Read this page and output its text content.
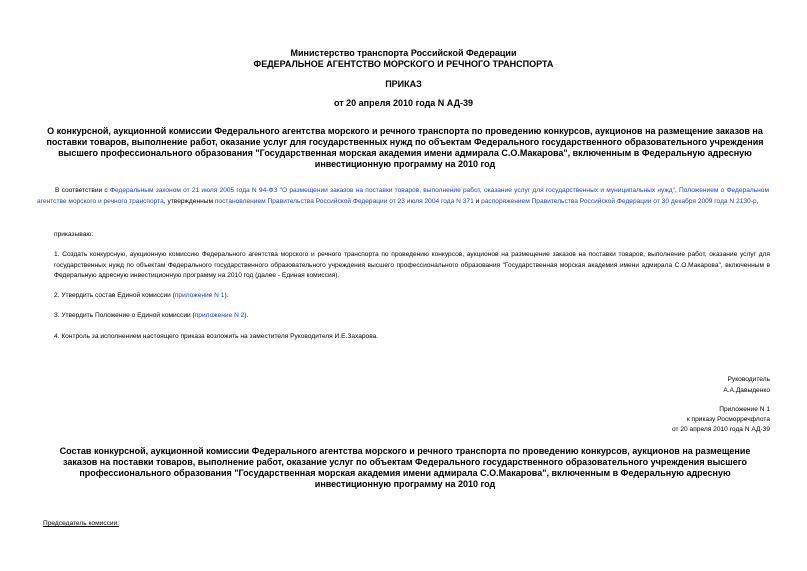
Министерство транспорта Российской Федерации
ФЕДЕРАЛЬНОЕ АГЕНТСТВО МОРСКОГО И РЕЧНОГО ТРАНСПОРТА
ПРИКАЗ
от 20 апреля 2010 года N АД-39
О конкурсной, аукционной комиссии Федерального агентства морского и речного транспорта по проведению конкурсов, аукционов на размещение заказов на поставки товаров, выполнение работ, оказание услуг для государственных нужд по объектам Федерального государственного образовательного учреждения высшего профессионального образования "Государственная морская академия имени адмирала С.О.Макарова", включенным в Федеральную адресную инвестиционную программу на 2010 год
В соответствии с Федеральным законом от 21 июля 2005 года N 94-ФЗ "О размещении заказов на поставки товаров, выполнение работ, оказание услуг для государственных и муниципальных нужд", Положением о Федеральном агентстве морского и речного транспорта, утвержденным постановлением Правительства Российской Федерации от 23 июля 2004 года N 371 и распоряжением Правительства Российской Федерации от 30 декабря 2009 года N 2130-р,
приказываю:
1. Создать конкурсную, аукционную комиссию Федерального агентства морского и речного транспорта по проведению конкурсов, аукционов на размещение заказов на поставки товаров, выполнение работ, оказание услуг для государственных нужд по объектам Федерального государственного образовательного учреждения высшего профессионального образования "Государственная морская академия имени адмирала С.О.Макарова", включенным в Федеральную адресную инвестиционную программу на 2010 год (далее - Единая комиссия).
2. Утвердить состав Единой комиссии (приложение N 1).
3. Утвердить Положение о Единой комиссии (приложение N 2).
4. Контроль за исполнением настоящего приказа возложить на заместителя Руководителя И.Е.Захарова.
Руководитель
А.А.Давыденко
Приложение N 1
к приказу Росморречфлота
от 20 апреля 2010 года N АД-39
Состав конкурсной, аукционной комиссии Федерального агентства морского и речного транспорта по проведению конкурсов, аукционов на размещение заказов на поставки товаров, выполнение работ, оказание услуг по объектам Федерального государственного образовательного учреждения высшего профессионального образования "Государственная морская академия имени адмирала С.О.Макарова", включенным в Федеральную адресную инвестиционную программу на 2010 год
Председатель комиссии:
